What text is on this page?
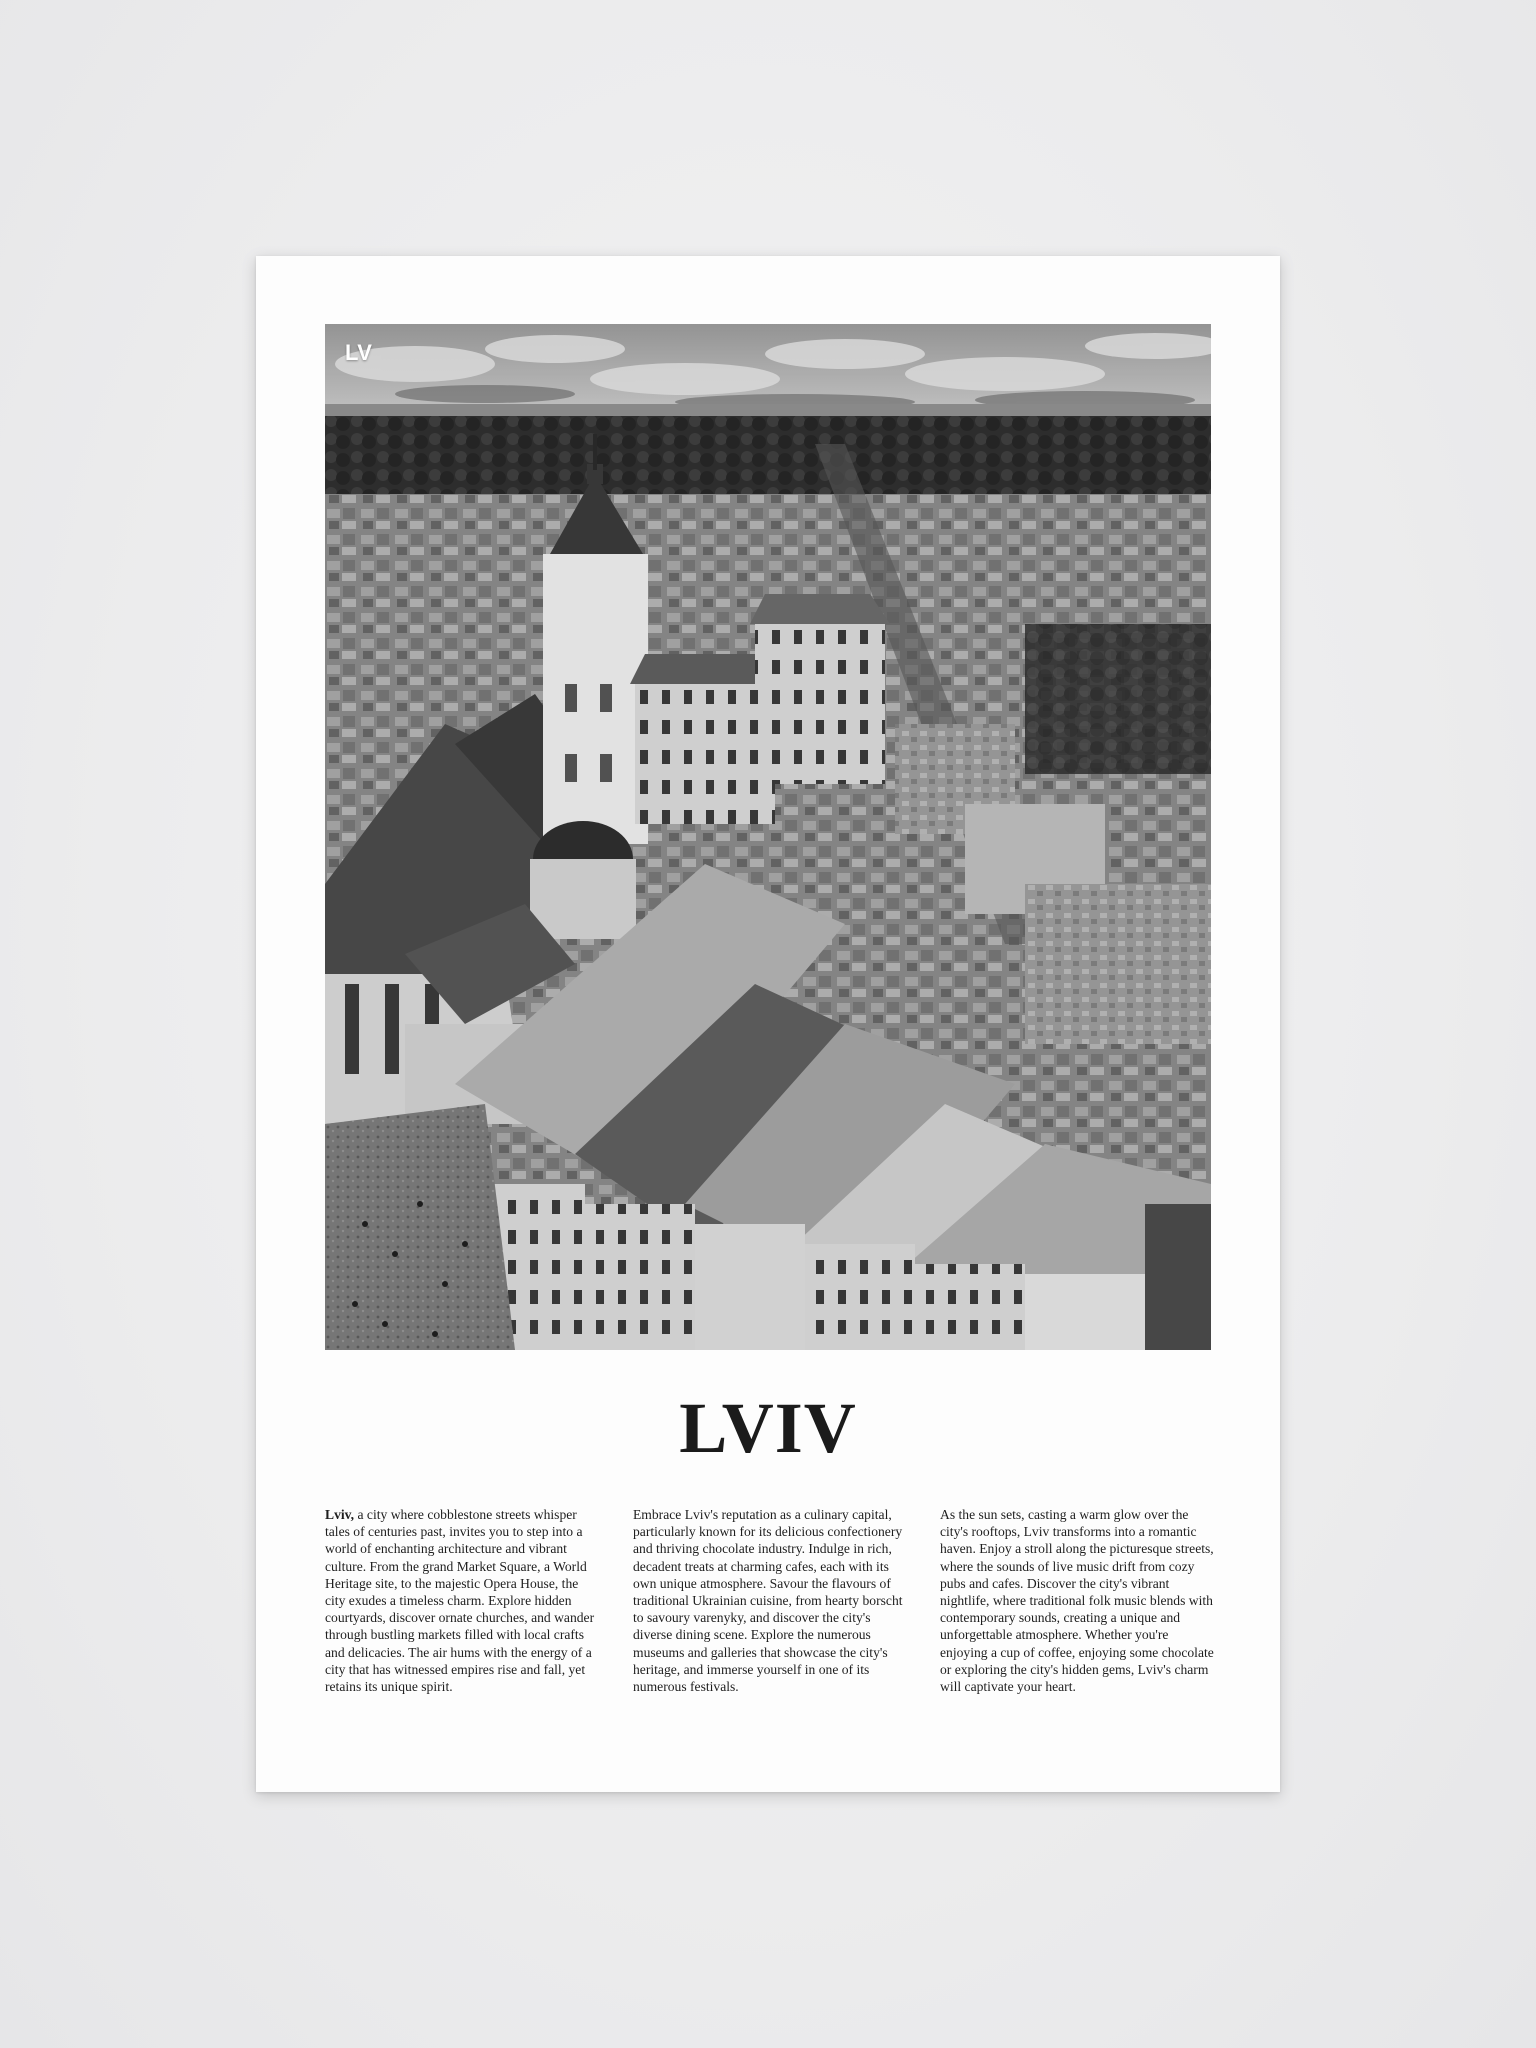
LV
LVIV
Lviv, a city where cobblestone streets whisper tales of centuries past, invites you to step into a world of enchanting architecture and vibrant culture. From the grand Market Square, a World Heritage site, to the majestic Opera House, the city exudes a timeless charm. Explore hidden courtyards, discover ornate churches, and wander through bustling markets filled with local crafts and delicacies. The air hums with the energy of a city that has witnessed empires rise and fall, yet retains its unique spirit.
Embrace Lviv's reputation as a culinary capital, particularly known for its delicious confectionery and thriving chocolate industry. Indulge in rich, decadent treats at charming cafes, each with its own unique atmosphere. Savour the flavours of traditional Ukrainian cuisine, from hearty borscht to savoury varenyky, and discover the city's diverse dining scene. Explore the numerous museums and galleries that showcase the city's heritage, and immerse yourself in one of its numerous festivals.
As the sun sets, casting a warm glow over the city's rooftops, Lviv transforms into a romantic haven. Enjoy a stroll along the picturesque streets, where the sounds of live music drift from cozy pubs and cafes. Discover the city's vibrant nightlife, where traditional folk music blends with contemporary sounds, creating a unique and unforgettable atmosphere. Whether you're enjoying a cup of coffee, enjoying some chocolate or exploring the city's hidden gems, Lviv's charm will captivate your heart.
